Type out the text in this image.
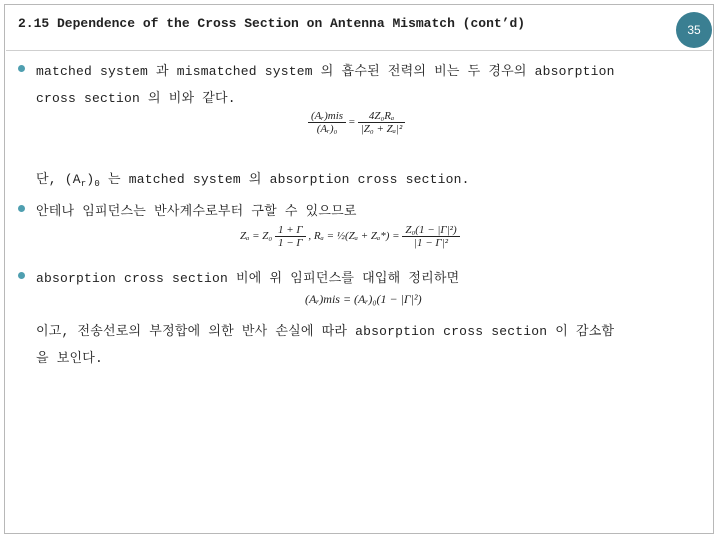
2.15 Dependence of the Cross Section on Antenna Mismatch (cont’d)	35
matched system 과 mismatched system 의 흡수된 전력의 비는 두 경우의 absorption
cross section 의 비와 같다.
$\frac{\text{(Aᵣ)mis}}{\text{(Aᵣ)₀}} = \frac{\text{4Z₀Rₐ}}{\text{|Z₀ + Zₐ|²}}$
단, $(A_r)_0$ 는 matched system 의 absorption cross section.
안테나 임피던스는 반사계수로부터 구할 수 있으므로
$Z_a = Z_0 \frac{1 + \Gamma}{1 - \Gamma}$ , Rₐ = ½(Zₐ + $Z_a*) = \frac{\text{Z₀(1 − |Γ|²)}}{\text{|1 − Γ|²}}$
absorption cross section 비에 위 임피던스를 대입해 정리하면
(Aᵣ)mis = (Aᵣ)₀(1 − |Γ|²)
이고, 전송선로의 부정합에 의한 반사 손실에 따라 absorption cross section 이 감소함
을 보인다.
